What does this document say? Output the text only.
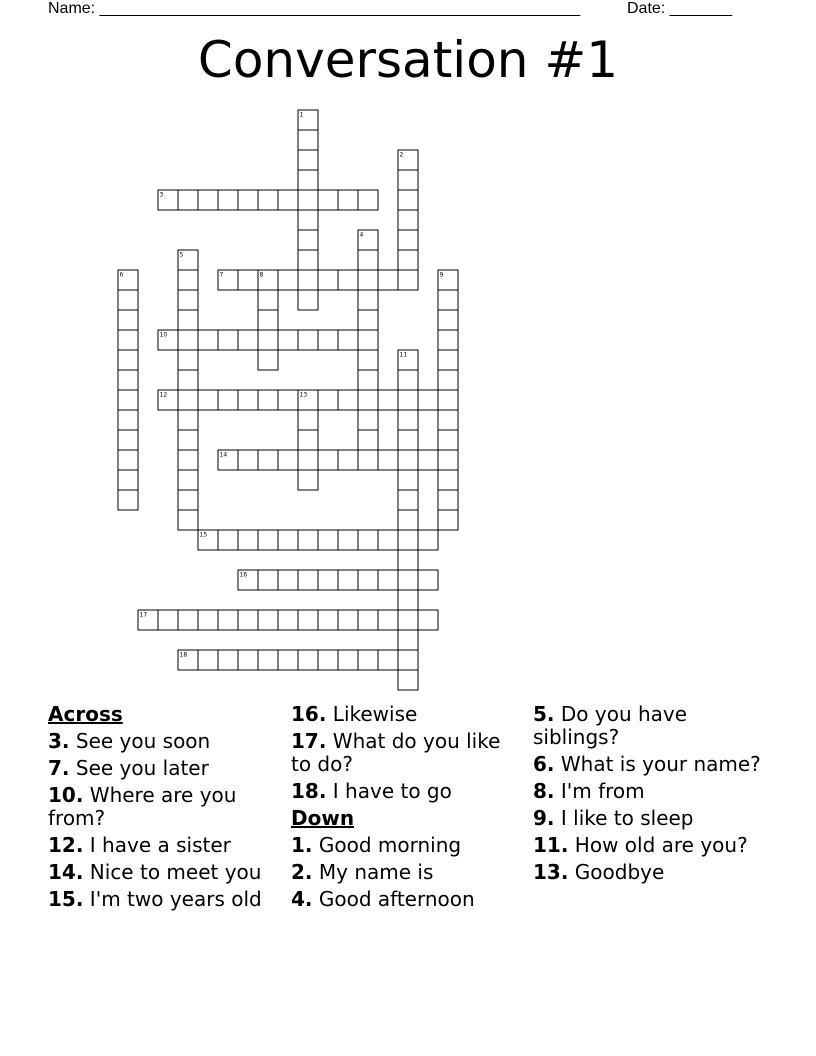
Name: ______________________________________________________	Date: _______
Conversation #1
1
2
3
4
5
6	7	8	9
10
11
12	13
14
15
16
17
18
Across
3. See you soon
7. See you later
10. Where are you from?
12. I have a sister
14. Nice to meet you
15. I'm two years old
16. Likewise
17. What do you like to do?
18. I have to go
Down
1. Good morning
2. My name is
4. Good afternoon
5. Do you have siblings?
6. What is your name?
8. I'm from
9. I like to sleep
11. How old are you?
13. Goodbye
